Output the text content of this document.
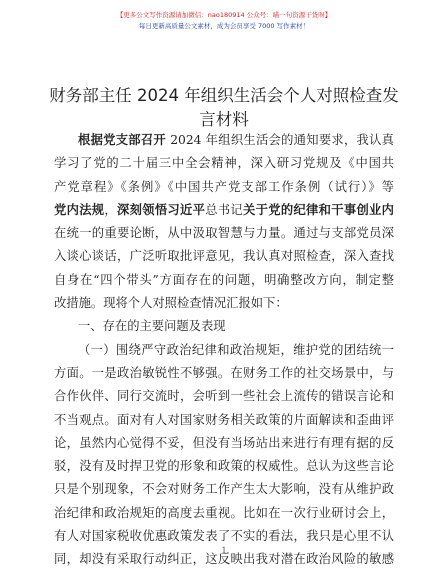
【更多公文写作资源请加微信：nao180914 公众号：喵一句资源干货呀】
每日更新高质量公文素材，成为会员享受 7000 写作素材！
财务部主任 2024 年组织生活会个人对照检查发
言材料
根据党支部召开 2024 年组织生活会的通知要求，我认真
学习了党的二十届三中全会精神，深入研习党规及《中国共
产党章程》《条例》《中国共产党支部工作条例（试行）》等
党内法规，深刻领悟习近平总书记关于党的纪律和干事创业内
在统一的重要论断，从中汲取智慧与力量。通过与支部党员深
入谈心谈话，广泛听取批评意见，我认真对照检查，深入查找
自身在“四个带头”方面存在的问题，明确整改方向，制定整
改措施。现将个人对照检查情况汇报如下：
一、存在的主要问题及表现
（一）围绕严守政治纪律和政治规矩，维护党的团结统一
方面。一是政治敏锐性不够强。在财务工作的社交场景中，与
合作伙伴、同行交流时，会听到一些社会上流传的错误言论和
不当观点。面对有人对国家财务相关政策的片面解读和歪曲评
论，虽然内心觉得不妥，但没有当场站出来进行有理有据的反
驳，没有及时捍卫党的形象和政策的权威性。总认为这些言论
只是个别现象，不会对财务工作产生太大影响，没有从维护政
治纪律和政治规矩的高度去重视。比如在一次行业研讨会上，
有人对国家税收优惠政策发表了不实的看法，我只是心里不认
同，却没有采取行动纠正，这反映出我对潜在政治风险的敏感
1
